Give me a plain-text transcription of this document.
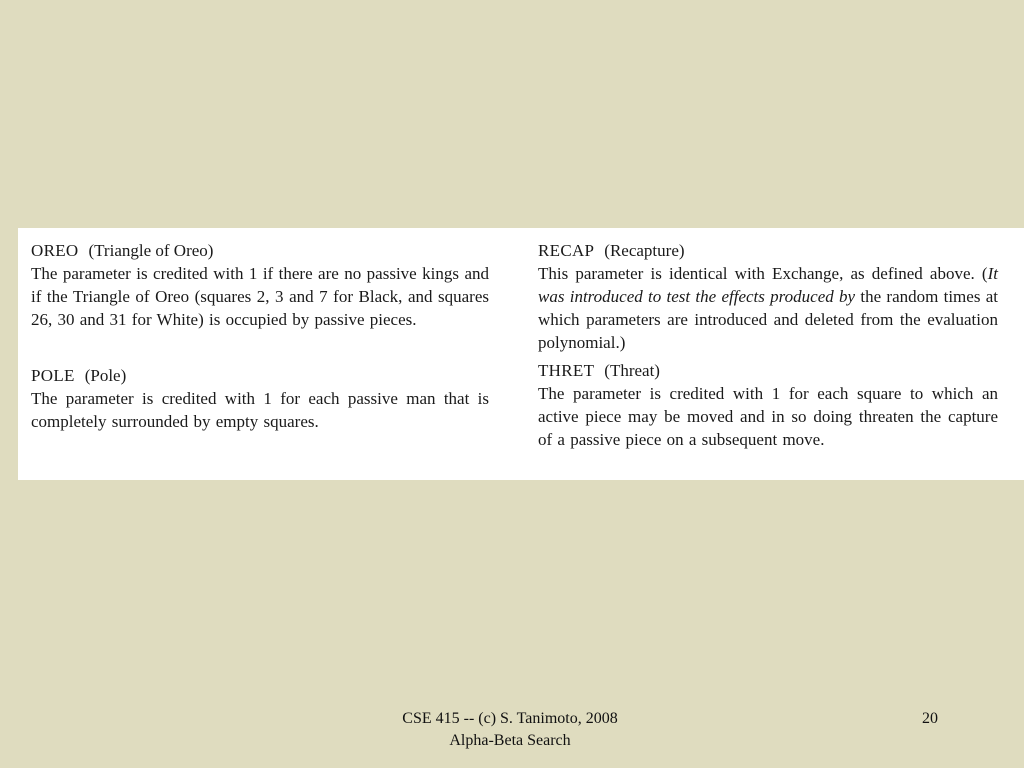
OREO (Triangle of Oreo)

The parameter is credited with 1 if there are no passive kings and if the Triangle of Oreo (squares 2, 3 and 7 for Black, and squares 26, 30 and 31 for White) is occupied by passive pieces.

POLE (Pole)

The parameter is credited with 1 for each passive man that is completely surrounded by empty squares.

RECAP (Recapture)

This parameter is identical with Exchange, as defined above. (It was introduced to test the effects produced by the random times at which parameters are introduced and deleted from the evaluation polynomial.)

THRET (Threat)

The parameter is credited with 1 for each square to which an active piece may be moved and in so doing threaten the capture of a passive piece on a subsequent move.

CSE 415 -- (c) S. Tanimoto, 2008
Alpha-Beta Search
20
